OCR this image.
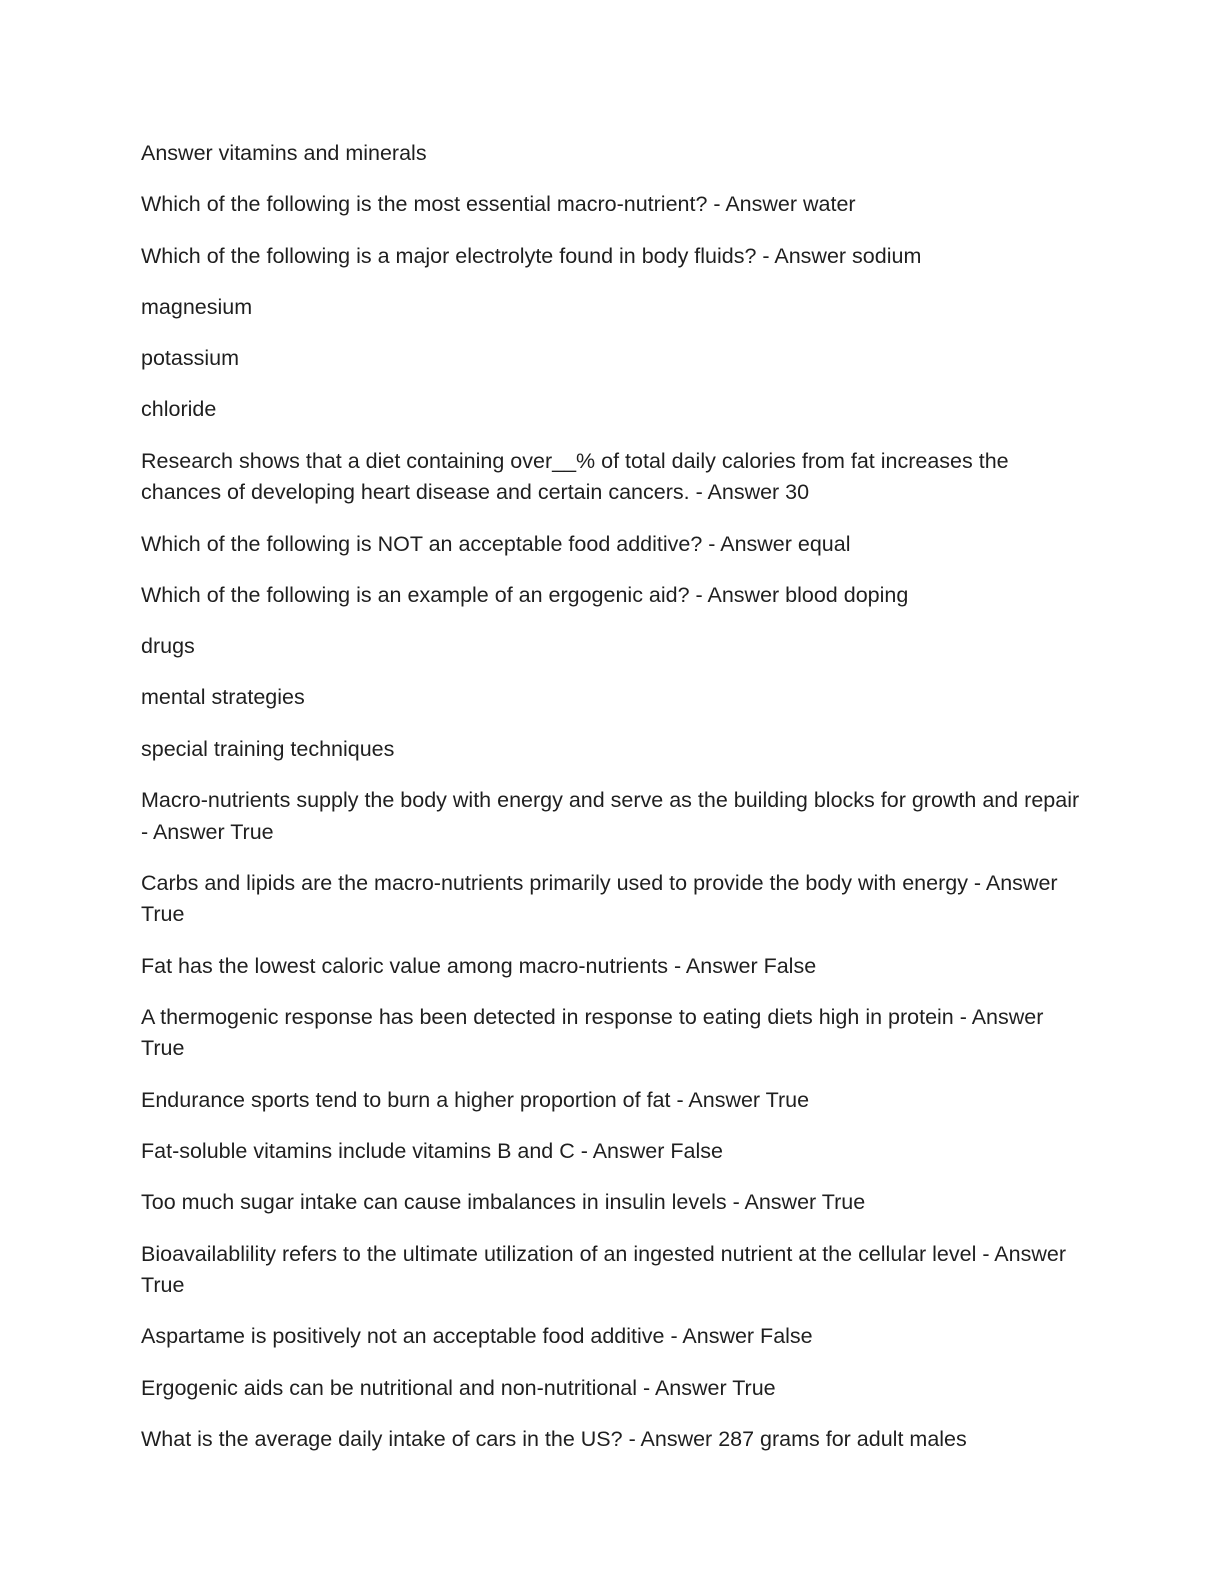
Answer vitamins and minerals

Which of the following is the most essential macro-nutrient? - Answer water

Which of the following is a major electrolyte found in body fluids? - Answer sodium

magnesium

potassium

chloride

Research shows that a diet containing over__% of total daily calories from fat increases the chances of developing heart disease and certain cancers. - Answer 30

Which of the following is NOT an acceptable food additive? - Answer equal

Which of the following is an example of an ergogenic aid? - Answer blood doping

drugs

mental strategies

special training techniques

Macro-nutrients supply the body with energy and serve as the building blocks for growth and repair - Answer True

Carbs and lipids are the macro-nutrients primarily used to provide the body with energy - Answer True

Fat has the lowest caloric value among macro-nutrients - Answer False

A thermogenic response has been detected in response to eating diets high in protein - Answer True

Endurance sports tend to burn a higher proportion of fat - Answer True

Fat-soluble vitamins include vitamins B and C - Answer False

Too much sugar intake can cause imbalances in insulin levels - Answer True

Bioavailablility refers to the ultimate utilization of an ingested nutrient at the cellular level - Answer True

Aspartame is positively not an acceptable food additive - Answer False

Ergogenic aids can be nutritional and non-nutritional - Answer True

What is the average daily intake of cars in the US? - Answer 287 grams for adult males
